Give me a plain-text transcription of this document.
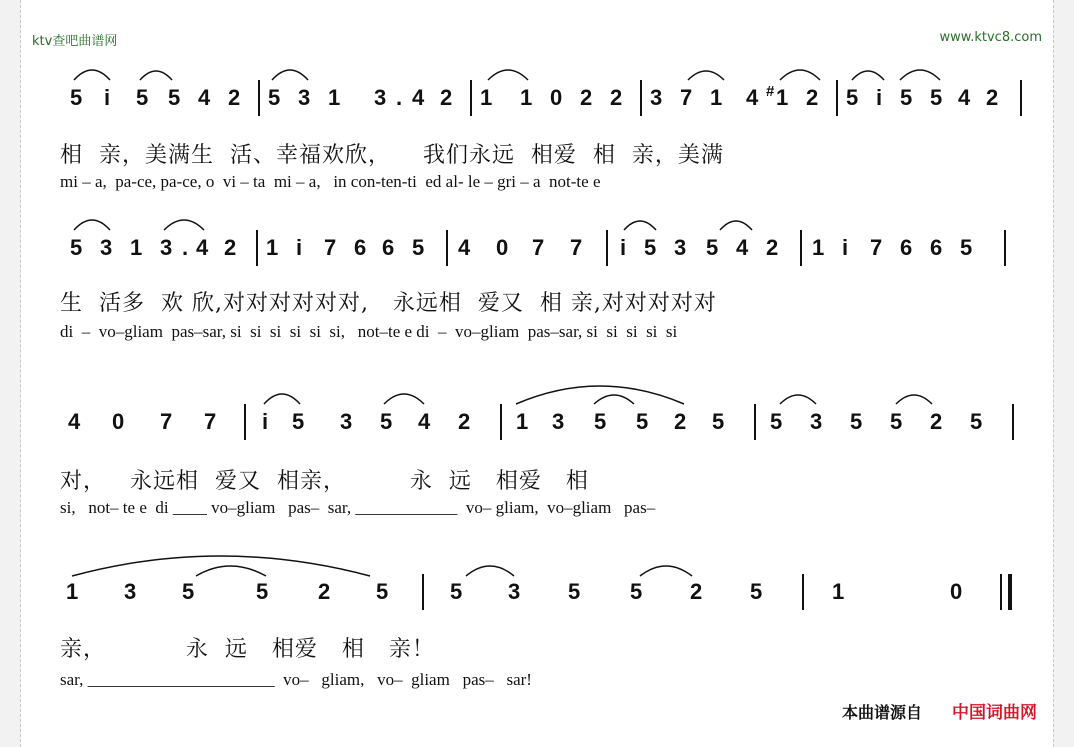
ktv查吧曲谱网	www.ktvc8.com
5 i 5 5 4 2 5 3 1 3 . 4 2 1 1 0 2 2 3 7 1 4 # 1 2 5 i 5 5 4 2
相  亲，美满生  活、幸福欢欣，    我们永远  相爱  相  亲，美满
mi – a,  pa-ce, pa-ce, o  vi – ta  mi – a,   in con-ten-ti  ed al- le – gri – a  not-te e
5 3 1 3 . 4 2 1 i 7 6 6 5 4 0 7 7 i 5 3 5 4 2 1 i 7 6 6 5
生  活多  欢 欣,对对对对对对,   永远相  爱又  相 亲,对对对对对
di  –  vo–gliam  pas–sar, si  si  si  si  si  si,   not–te e di  –  vo–gliam  pas–sar, si  si  si  si  si
4 0 7 7 i 5 3 5 4 2 1 3 5 5 2 5 5 3 5 5 2 5
对，   永远相  爱又  相亲，        永  远   相爱   相
si,   not– te e  di ____ vo–gliam   pas–  sar, ____________  vo– gliam,  vo–gliam   pas–
1 3 5	5 2 5	5 3 5 5 2 5	1	0
亲，          永  远   相爱   相   亲！
sar, ______________________  vo–   gliam,   vo–  gliam   pas–   sar!
本曲谱源自 中国词曲网
